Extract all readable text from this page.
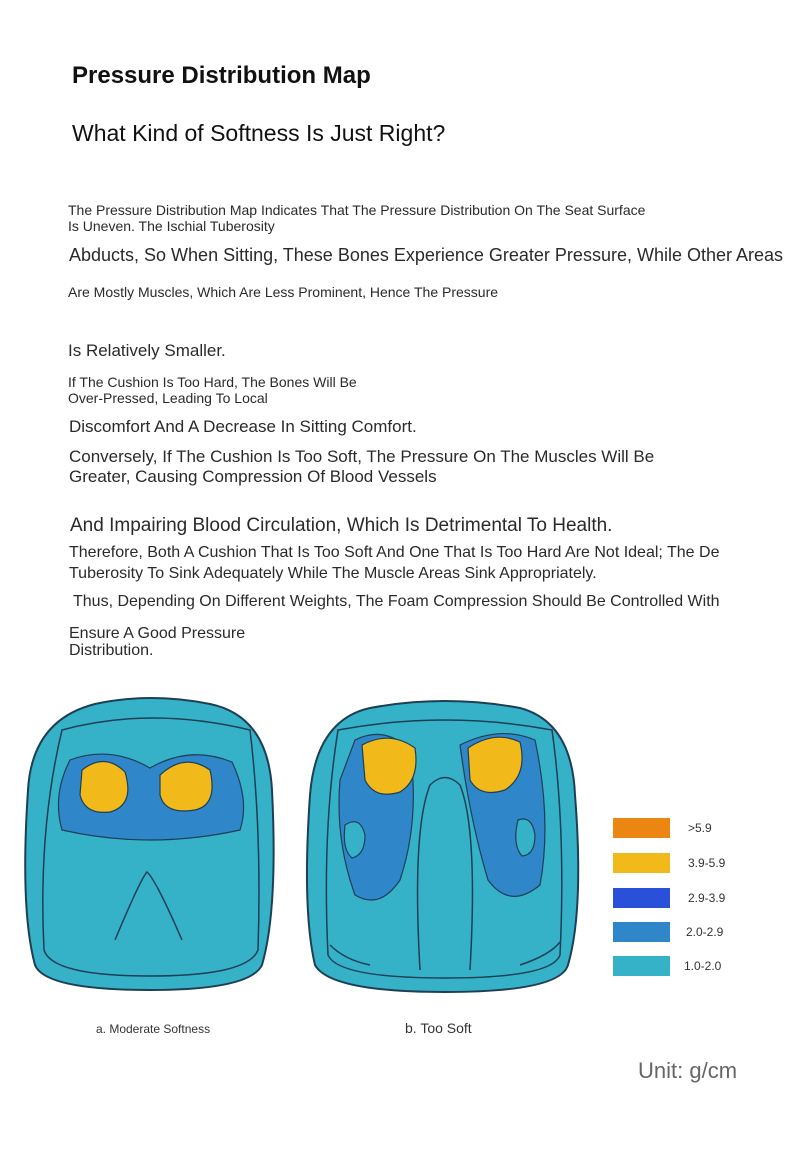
Pressure Distribution Map
What Kind of Softness Is Just Right?
The Pressure Distribution Map Indicates That The Pressure Distribution On The Seat Surface Is Uneven. The Ischial Tuberosity
Abducts, So When Sitting, These Bones Experience Greater Pressure, While Other Areas
Are Mostly Muscles, Which Are Less Prominent, Hence The Pressure
Is Relatively Smaller.
If The Cushion Is Too Hard, The Bones Will Be Over-Pressed, Leading To Local
Discomfort And A Decrease In Sitting Comfort.
Conversely, If The Cushion Is Too Soft, The Pressure On The Muscles Will Be Greater, Causing Compression Of Blood Vessels
And Impairing Blood Circulation, Which Is Detrimental To Health.
Therefore, Both A Cushion That Is Too Soft And One That Is Too Hard Are Not Ideal; The De
Tuberosity To Sink Adequately While The Muscle Areas Sink Appropriately.
Thus, Depending On Different Weights, The Foam Compression Should Be Controlled With
Ensure A Good Pressure Distribution.
>5.9
3.9-5.9
2.9-3.9
2.0-2.9
1.0-2.0
a. Moderate Softness	b. Too Soft
Unit: g/cm
